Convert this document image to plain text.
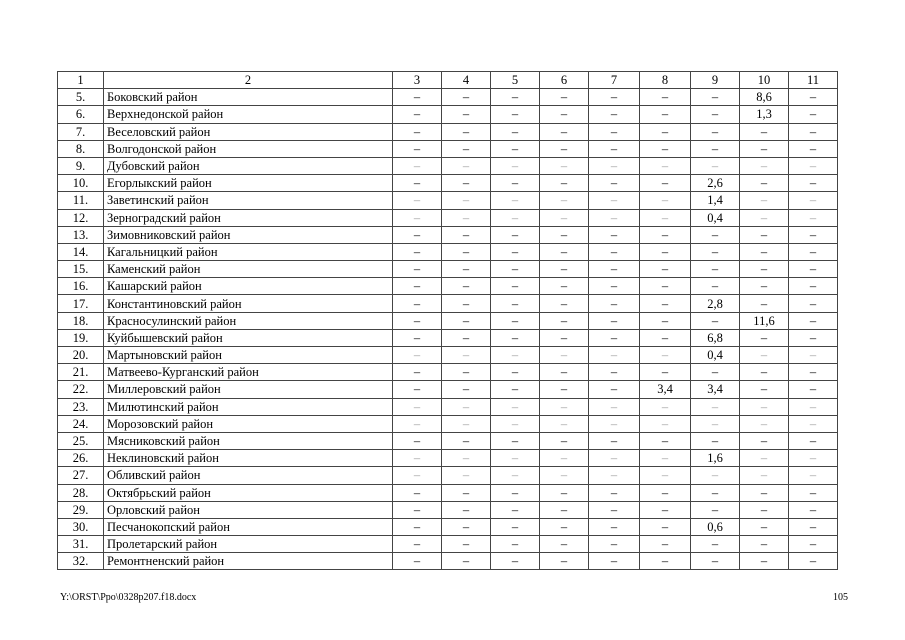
1	2	3	4	5	6	7	8	9	10	11
5.	Боковский район	–	–	–	–	–	–	–	8,6	–
6.	Верхнедонской район	–	–	–	–	–	–	–	1,3	–
7.	Веселовский район	–	–	–	–	–	–	–	–	–
8.	Волгодонской район	–	–	–	–	–	–	–	–	–
9.	Дубовский район	–	–	–	–	–	–	–	–	–
10.	Егорлыкский район	–	–	–	–	–	–	2,6	–	–
11.	Заветинский район	–	–	–	–	–	–	1,4	–	–
12.	Зерноградский район	–	–	–	–	–	–	0,4	–	–
13.	Зимовниковский район	–	–	–	–	–	–	–	–	–
14.	Кагальницкий район	–	–	–	–	–	–	–	–	–
15.	Каменский район	–	–	–	–	–	–	–	–	–
16.	Кашарский район	–	–	–	–	–	–	–	–	–
17.	Константиновский район	–	–	–	–	–	–	2,8	–	–
18.	Красносулинский район	–	–	–	–	–	–	–	11,6	–
19.	Куйбышевский район	–	–	–	–	–	–	6,8	–	–
20.	Мартыновский район	–	–	–	–	–	–	0,4	–	–
21.	Матвеево-Курганский район	–	–	–	–	–	–	–	–	–
22.	Миллеровский район	–	–	–	–	–	3,4	3,4	–	–
23.	Милютинский район	–	–	–	–	–	–	–	–	–
24.	Морозовский район	–	–	–	–	–	–	–	–	–
25.	Мясниковский район	–	–	–	–	–	–	–	–	–
26.	Неклиновский район	–	–	–	–	–	–	1,6	–	–
27.	Обливский район	–	–	–	–	–	–	–	–	–
28.	Октябрьский район	–	–	–	–	–	–	–	–	–
29.	Орловский район	–	–	–	–	–	–	–	–	–
30.	Песчанокопский район	–	–	–	–	–	–	0,6	–	–
31.	Пролетарский район	–	–	–	–	–	–	–	–	–
32.	Ремонтненский район	–	–	–	–	–	–	–	–	–
Y:\ORST\Ppo\0328p207.f18.docx	105
